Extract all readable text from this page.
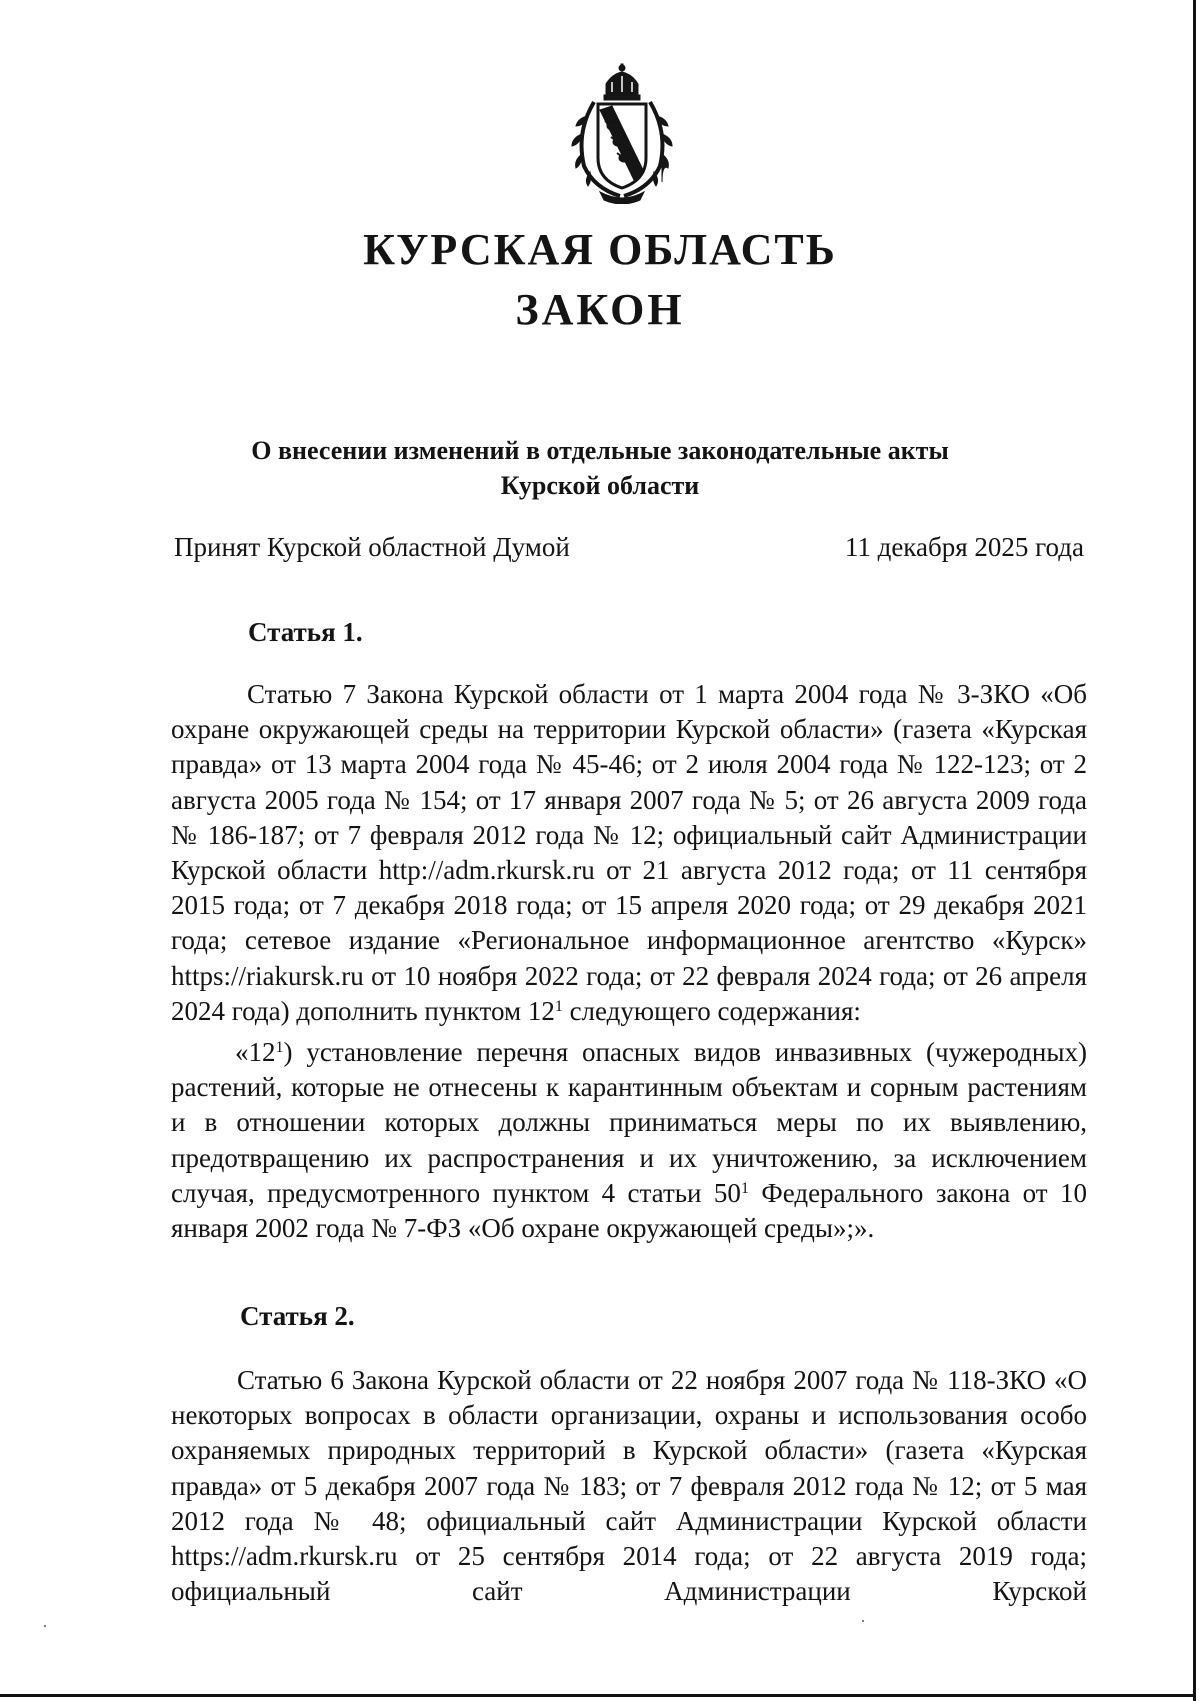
КУРСКАЯ ОБЛАСТЬ
ЗАКОН
О внесении изменений в отдельные законодательные акты
Курской области
Принят Курской областной Думой	11 декабря 2025 года
Статья 1.
Статью 7 Закона Курской области от 1 марта 2004 года № 3-ЗКО «Об охране окружающей среды на территории Курской области» (газета «Курская правда» от 13 марта 2004 года № 45-46; от 2 июля 2004 года № 122-123; от 2 августа 2005 года № 154; от 17 января 2007 года № 5; от 26 августа 2009 года № 186-187; от 7 февраля 2012 года № 12; официальный сайт Администрации Курской области http://adm.rkursk.ru от 21 августа 2012 года; от 11 сентября 2015 года; от 7 декабря 2018 года; от 15 апреля 2020 года; от 29 декабря 2021 года; сетевое издание «Региональное информационное агентство «Курск» https://riakursk.ru от 10 ноября 2022 года; от 22 февраля 2024 года; от 26 апреля 2024 года) дополнить пунктом $12^1$ следующего содержания:
«$12^1$) установление перечня опасных видов инвазивных (чужеродных) растений, которые не отнесены к карантинным объектам и сорным растениям и в отношении которых должны приниматься меры по их выявлению, предотвращению их распространения и их уничтожению, за исключением случая, предусмотренного пунктом 4 статьи $50^1$ Федерального закона от 10 января 2002 года № 7-ФЗ «Об охране окружающей среды»;».
Статья 2.
Статью 6 Закона Курской области от 22 ноября 2007 года № 118-ЗКО «О некоторых вопросах в области организации, охраны и использования особо охраняемых природных территорий в Курской области» (газета «Курская правда» от 5 декабря 2007 года № 183; от 7 февраля 2012 года № 12; от 5 мая 2012 года № 48; официальный сайт Администрации Курской области https://adm.rkursk.ru от 25 сентября 2014 года; от 22 августа 2019 года; официальный сайт Администрации Курской
